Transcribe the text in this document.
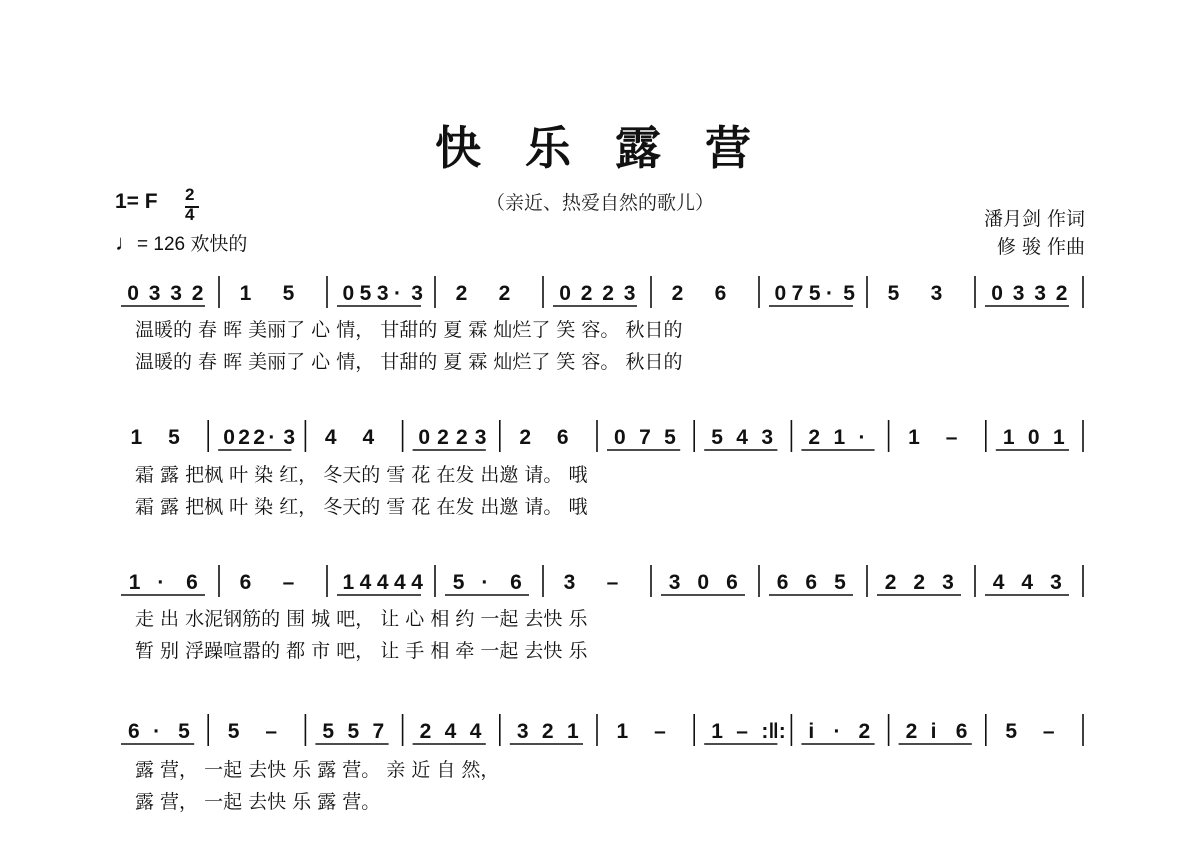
快 乐 露 营
（亲近、热爱自然的歌儿）
1= F 2
4
♩= 126 欢快的
潘月剑 作词
修 骏 作曲
0 3 3 2 1 5 0 5 3 · 3 2 2 0 2 2 3 2 6 0 7 5 · 5 5 3 0 3 3 2
温暖的 春 晖 美丽了 心 情， 甘甜的 夏 霖 灿烂了 笑 容。 秋日的
温暖的 春 晖 美丽了 心 情， 甘甜的 夏 霖 灿烂了 笑 容。 秋日的
1 5 0 2 2 · 3 4 4 0 2 2 3 2 6 0 7 5 5 4 3 2 1 · 1 – 1 0 1
霜 露 把枫 叶 染 红， 冬天的 雪 花 在发 出邀 请。 哦
霜 露 把枫 叶 染 红， 冬天的 雪 花 在发 出邀 请。 哦
1 · 6 6 – 1 4 4 4 4 5 · 6 3 – 3 0 6 6 6 5 2 2 3 4 4 3
走 出 水泥钢筋的 围 城 吧， 让 心 相 约 一起 去快 乐
暂 别 浮躁喧嚣的 都 市 吧， 让 手 相 牵 一起 去快 乐
6 · 5 5 – 5 5 7 2 4 4 3 2 1 1 – 1 – :‖: i · 2 2 i 6 5 –
露 营， 一起 去快 乐 露 营。 亲 近 自 然，
露 营， 一起 去快 乐 露 营。
